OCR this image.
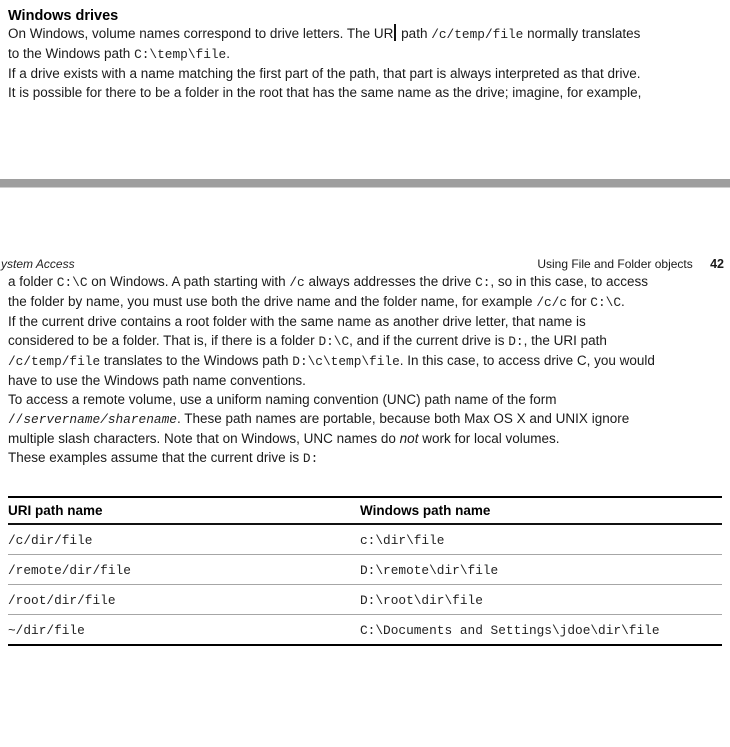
Windows drives

On Windows, volume names correspond to drive letters. The UR path /c/temp/file normally translates
to the Windows path C:\temp\file.

If a drive exists with a name matching the first part of the path, that part is always interpreted as that drive.
It is possible for there to be a folder in the root that has the same name as the drive; imagine, for example,

ystem Access	Using File and Folder objects 42

a folder C:\C on Windows. A path starting with /c always addresses the drive C:, so in this case, to access
the folder by name, you must use both the drive name and the folder name, for example /c/c for C:\C.

If the current drive contains a root folder with the same name as another drive letter, that name is
considered to be a folder. That is, if there is a folder D:\C, and if the current drive is D:, the URI path
/c/temp/file translates to the Windows path D:\c\temp\file. In this case, to access drive C, you would
have to use the Windows path name conventions.

To access a remote volume, use a uniform naming convention (UNC) path name of the form
//servername/sharename. These path names are portable, because both Max OS X and UNIX ignore
multiple slash characters. Note that on Windows, UNC names do not work for local volumes.

These examples assume that the current drive is D:

URI path name	Windows path name
/c/dir/file	c:\dir\file
/remote/dir/file	D:\remote\dir\file
/root/dir/file	D:\root\dir\file
~/dir/file	C:\Documents and Settings\jdoe\dir\file
